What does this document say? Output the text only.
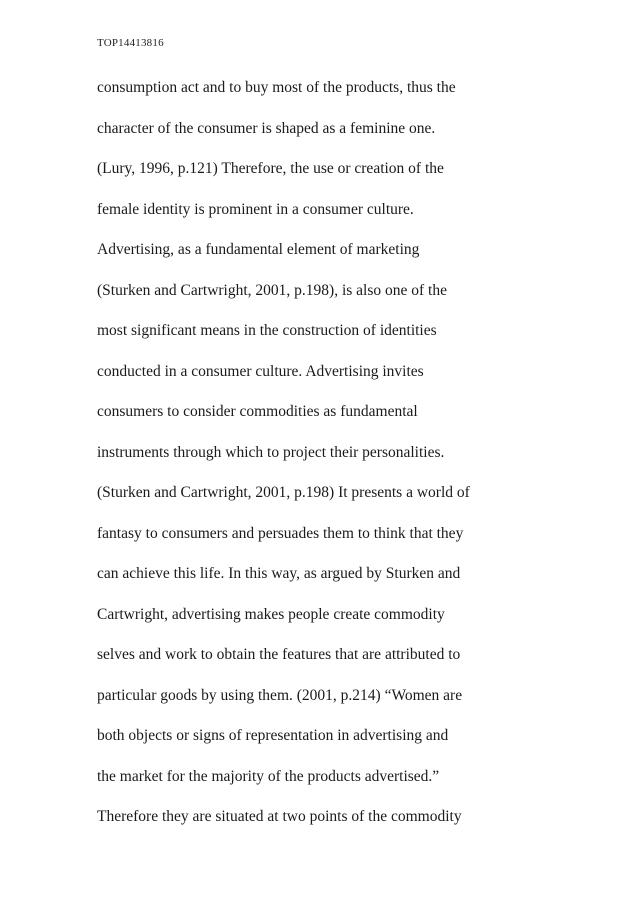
TOP14413816
consumption act and to buy most of the products, thus the
character of the consumer is shaped as a feminine one.
(Lury, 1996, p.121) Therefore, the use or creation of the
female identity is prominent in a consumer culture.
Advertising, as a fundamental element of marketing
(Sturken and Cartwright, 2001, p.198), is also one of the
most significant means in the construction of identities
conducted in a consumer culture. Advertising invites
consumers to consider commodities as fundamental
instruments through which to project their personalities.
(Sturken and Cartwright, 2001, p.198) It presents a world of
fantasy to consumers and persuades them to think that they
can achieve this life. In this way, as argued by Sturken and
Cartwright, advertising makes people create commodity
selves and work to obtain the features that are attributed to
particular goods by using them. (2001, p.214) “Women are
both objects or signs of representation in advertising and
the market for the majority of the products advertised.”
Therefore they are situated at two points of the commodity
